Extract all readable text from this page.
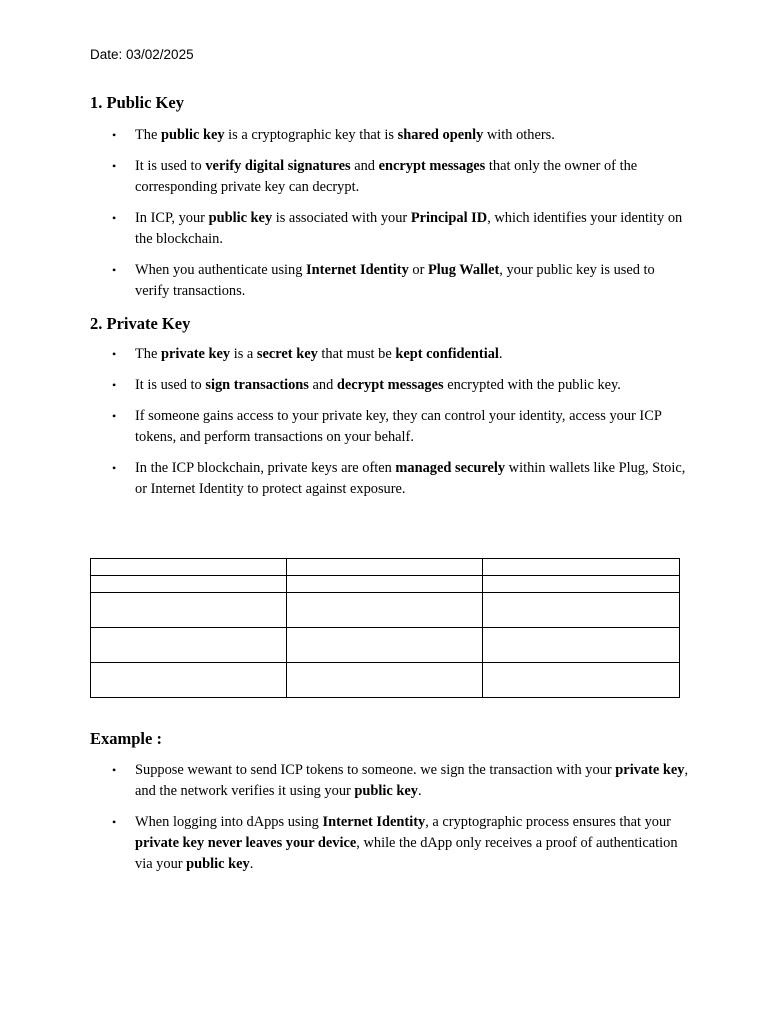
Date: 03/02/2025
1. Public Key
• The public key is a cryptographic key that is shared openly with others.
• It is used to verify digital signatures and encrypt messages that only the owner of the corresponding private key can decrypt.
• In ICP, your public key is associated with your Principal ID, which identifies your identity on the blockchain.
• When you authenticate using Internet Identity or Plug Wallet, your public key is used to verify transactions.
2. Private Key
• The private key is a secret key that must be kept confidential.
• It is used to sign transactions and decrypt messages encrypted with the public key.
• If someone gains access to your private key, they can control your identity, access your ICP tokens, and perform transactions on your behalf.
• In the ICP blockchain, private keys are often managed securely within wallets like Plug, Stoic, or Internet Identity to protect against exposure.

Example :
• Suppose wewant to send ICP tokens to someone. we sign the transaction with your private key, and the network verifies it using your public key.
• When logging into dApps using Internet Identity, a cryptographic process ensures that your private key never leaves your device, while the dApp only receives a proof of authentication via your public key.
